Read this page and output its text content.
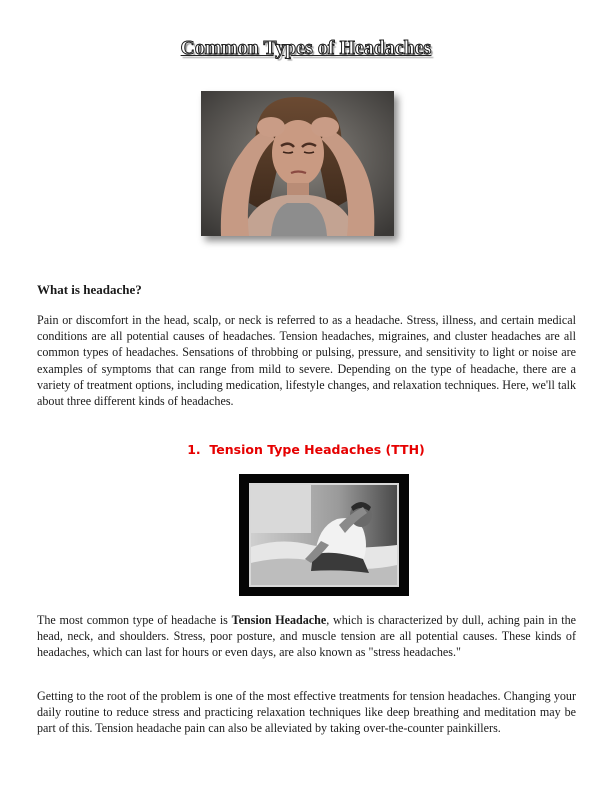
Common Types of Headaches

What is headache?

Pain or discomfort in the head, scalp, or neck is referred to as a headache. Stress, illness, and certain medical conditions are all potential causes of headaches. Tension headaches, migraines, and cluster headaches are all common types of headaches. Sensations of throbbing or pulsing, pressure, and sensitivity to light or noise are examples of symptoms that can range from mild to severe. Depending on the type of headache, there are a variety of treatment options, including medication, lifestyle changes, and relaxation techniques. Here, we'll talk about three different kinds of headaches.

1. Tension Type Headaches (TTH)

The most common type of headache is Tension Headache, which is characterized by dull, aching pain in the head, neck, and shoulders. Stress, poor posture, and muscle tension are all potential causes. These kinds of headaches, which can last for hours or even days, are also known as "stress headaches."

Getting to the root of the problem is one of the most effective treatments for tension headaches. Changing your daily routine to reduce stress and practicing relaxation techniques like deep breathing and meditation may be part of this. Tension headache pain can also be alleviated by taking over-the-counter painkillers.
